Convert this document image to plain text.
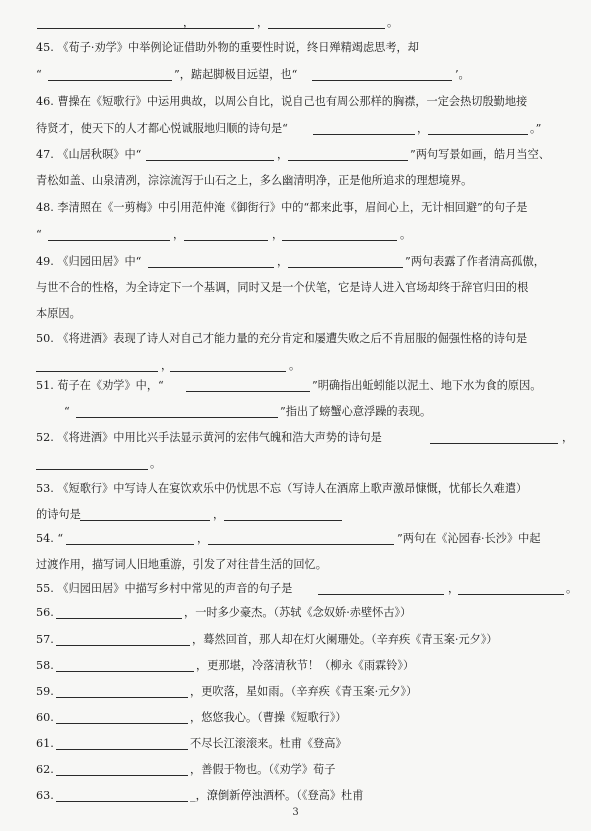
，	，	。
45. 《荀子·劝学》中举例论证借助外物的重要性时说，终日殚精竭虑思考，却
“	”，踮起脚极目远望，也“	’。
46. 曹操在《短歌行》中运用典故，以周公自比，说自己也有周公那样的胸襟，一定会热切殷勤地接
待贤才，使天下的人才都心悦诚服地归顺的诗句是“	，	。”
47. 《山居秋暝》中“	，	”两句写景如画，皓月当空、
青松如盖、山泉清冽，淙淙流泻于山石之上，多么幽清明净，正是他所追求的理想境界。
48. 李清照在《一剪梅》中引用范仲淹《御街行》中的“都来此事，眉间心上，无计相回避”的句子是
“	，	，	。
49. 《归园田居》中“	，	”两句表露了作者清高孤傲，
与世不合的性格，为全诗定下一个基调，同时又是一个伏笔，它是诗人进入官场却终于辞官归田的根
本原因。
50. 《将进酒》表现了诗人对自己才能力量的充分肯定和屡遭失败之后不肯屈服的倔强性格的诗句是
，	。
51. 荀子在《劝学》中，“	”明确指出蚯蚓能以泥土、地下水为食的原因。
“	”指出了螃蟹心意浮躁的表现。
52. 《将进酒》中用比兴手法显示黄河的宏伟气魄和浩大声势的诗句是	，
。
53. 《短歌行》中写诗人在宴饮欢乐中仍忧思不忘（写诗人在酒席上歌声激昂慷慨，忧郁长久难遣）
的诗句是	，
54. “	，	”两句在《沁园春·长沙》中起
过渡作用，描写词人旧地重游，引发了对往昔生活的回忆。
55. 《归园田居》中描写乡村中常见的声音的句子是	，	。
56.	，一时多少豪杰。（苏轼《念奴娇·赤壁怀古》）
57.	，蓦然回首，那人却在灯火阑珊处。（辛弃疾《青玉案·元夕》）
58.	，更那堪，冷落清秋节！（柳永《雨霖铃》）
59.	，更吹落，星如雨。（辛弃疾《青玉案·元夕》）
60.	，悠悠我心。（曹操《短歌行》）
61.	不尽长江滚滚来。杜甫《登高》
62.	，善假于物也。（《劝学》荀子
63.	_，潦倒新停浊酒杯。（《登高》杜甫
3
